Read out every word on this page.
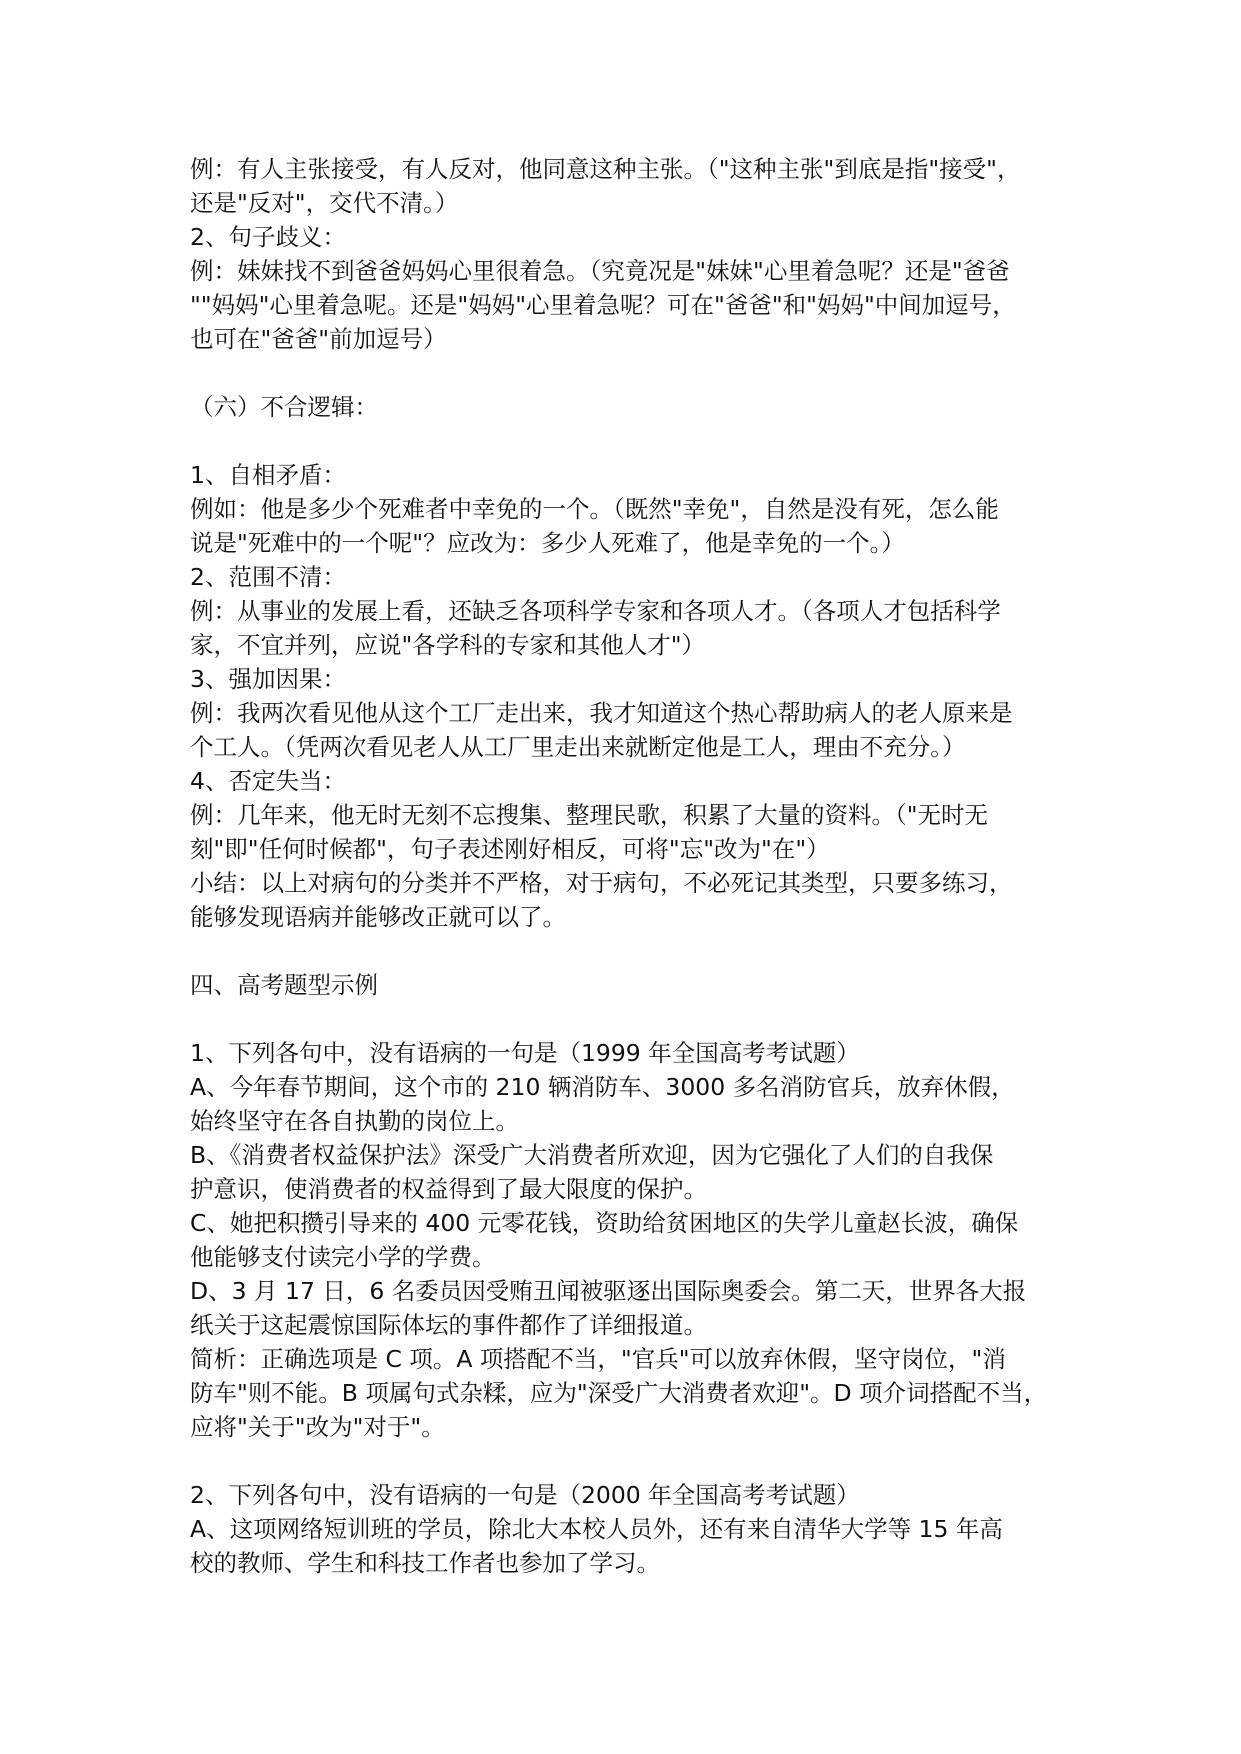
例：有人主张接受，有人反对，他同意这种主张。（"这种主张"到底是指"接受"，
还是"反对"，交代不清。）
2、句子歧义：
例：妹妹找不到爸爸妈妈心里很着急。（究竟况是"妹妹"心里着急呢？还是"爸爸
""妈妈"心里着急呢。还是"妈妈"心里着急呢？可在"爸爸"和"妈妈"中间加逗号，
也可在"爸爸"前加逗号）
（六）不合逻辑：
1、自相矛盾：
例如：他是多少个死难者中幸免的一个。（既然"幸免"，自然是没有死，怎么能
说是"死难中的一个呢"？应改为：多少人死难了，他是幸免的一个。）
2、范围不清：
例：从事业的发展上看，还缺乏各项科学专家和各项人才。（各项人才包括科学
家，不宜并列，应说"各学科的专家和其他人才"）
3、强加因果：
例：我两次看见他从这个工厂走出来，我才知道这个热心帮助病人的老人原来是
个工人。（凭两次看见老人从工厂里走出来就断定他是工人，理由不充分。）
4、否定失当：
例：几年来，他无时无刻不忘搜集、整理民歌，积累了大量的资料。（"无时无
刻"即"任何时候都"，句子表述刚好相反，可将"忘"改为"在"）
小结：以上对病句的分类并不严格，对于病句，不必死记其类型，只要多练习，
能够发现语病并能够改正就可以了。
四、高考题型示例
1、下列各句中，没有语病的一句是（1999 年全国高考考试题）
A、今年春节期间，这个市的 210 辆消防车、3000 多名消防官兵，放弃休假，
始终坚守在各自执勤的岗位上。
B、《消费者权益保护法》深受广大消费者所欢迎，因为它强化了人们的自我保
护意识，使消费者的权益得到了最大限度的保护。
C、她把积攒引导来的 400 元零花钱，资助给贫困地区的失学儿童赵长波，确保
他能够支付读完小学的学费。
D、3 月 17 日，6 名委员因受贿丑闻被驱逐出国际奥委会。第二天，世界各大报
纸关于这起震惊国际体坛的事件都作了详细报道。
简析：正确选项是 C 项。A 项搭配不当，"官兵"可以放弃休假，坚守岗位，"消
防车"则不能。B 项属句式杂糅，应为"深受广大消费者欢迎"。D 项介词搭配不当，
应将"关于"改为"对于"。
2、下列各句中，没有语病的一句是（2000 年全国高考考试题）
A、这项网络短训班的学员，除北大本校人员外，还有来自清华大学等 15 年高
校的教师、学生和科技工作者也参加了学习。
